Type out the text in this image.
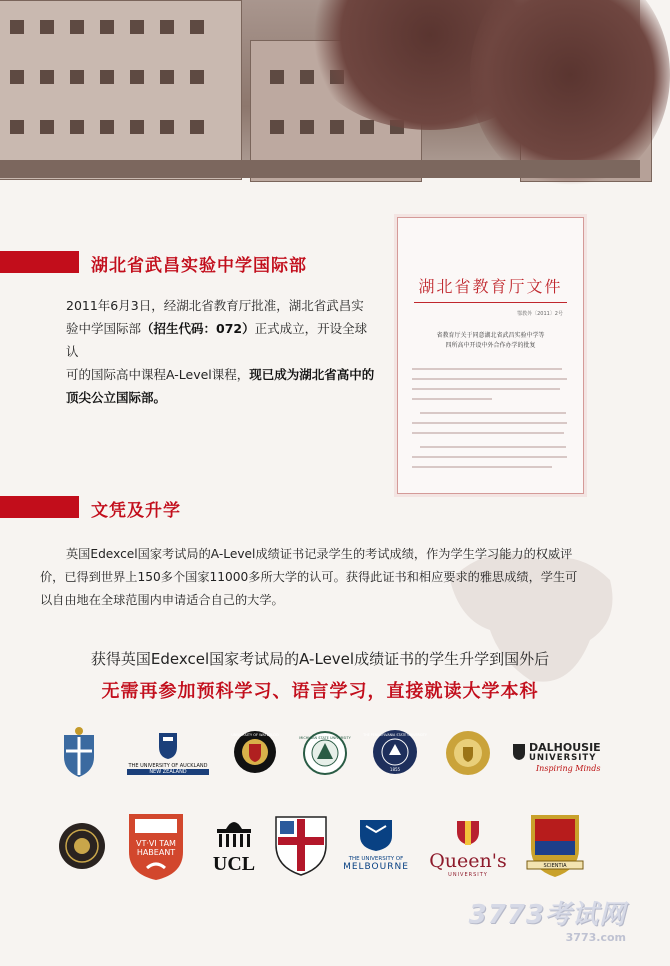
湖北省武昌实验中学国际部
2011年6月3日，经湖北省教育厅批准，湖北省武昌实
验中学国际部（招生代码：072）正式成立，开设全球认
可的国际高中课程A-Level课程，现已成为湖北省高中的
顶尖公立国际部。
湖北省教育厅文件
鄂教外〔2011〕2号
省教育厅关于同意湖北省武昌实验中学等
四所高中开设中外合作办学的批复
文凭及升学
英国Edexcel国家考试局的A-Level成绩证书记录学生的考试成绩，作为学生学习能力的权威评
价，已得到世界上150多个国家11000多所大学的认可。获得此证书和相应要求的雅思成绩，学生可
以自由地在全球范围内申请适合自己的大学。
获得英国Edexcel国家考试局的A-Level成绩证书的学生升学到国外后
无需再参加预科学习、语言学习，直接就读大学本科
THE UNIVERSITY OF AUCKLAND
NEW ZEALAND
UNIVERSITY OF WATERLOO
MICHIGAN STATE UNIVERSITY
THE PENNSYLVANIA STATE UNIVERSITY
1855
DALHOUSIE
UNIVERSITY
Inspiring Minds
VT·VI TAM
HABEANT
UCL	THE UNIVERSITY OF
MELBOURNE Queen's
UNIVERSITY
SCIENTIA
3773考试网
3773.com
